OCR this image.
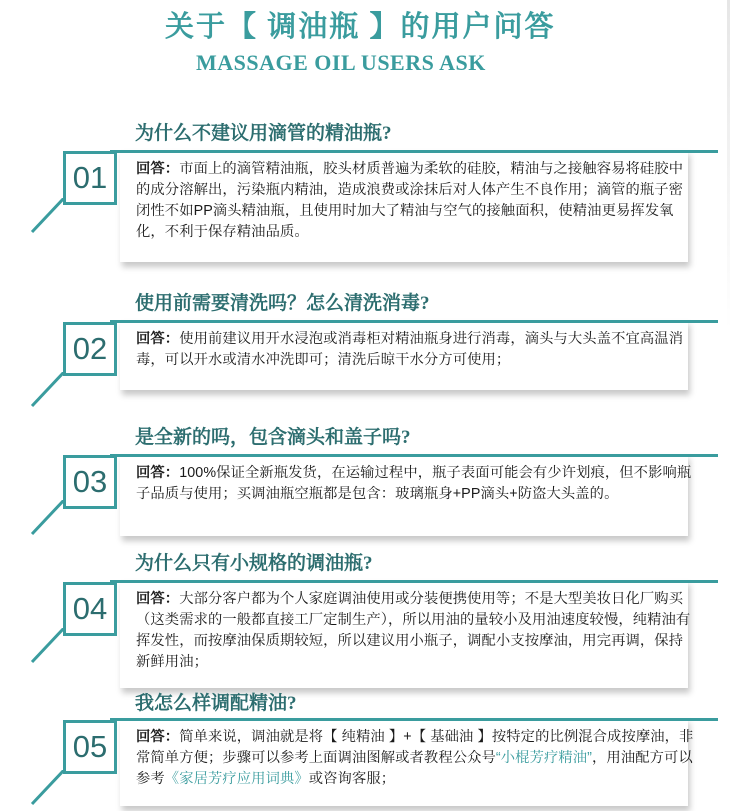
关于【 调油瓶 】的用户问答
MASSAGE OIL USERS ASK
为什么不建议用滴管的精油瓶?
回答：市面上的滴管精油瓶，胶头材质普遍为柔软的硅胶，精油与之接触容易将硅胶中的成分溶解出，污染瓶内精油，造成浪费或涂抹后对人体产生不良作用；滴管的瓶子密闭性不如PP滴头精油瓶，且使用时加大了精油与空气的接触面积，使精油更易挥发氧化，不利于保存精油品质。
01
使用前需要清洗吗？怎么清洗消毒?
回答：使用前建议用开水浸泡或消毒柜对精油瓶身进行消毒，滴头与大头盖不宜高温消毒，可以开水或清水冲洗即可；清洗后晾干水分方可使用；
02
是全新的吗，包含滴头和盖子吗?
回答：100%保证全新瓶发货，在运输过程中，瓶子表面可能会有少许划痕，但不影响瓶子品质与使用；买调油瓶空瓶都是包含：玻璃瓶身+PP滴头+防盗大头盖的。
03
为什么只有小规格的调油瓶?
回答：大部分客户都为个人家庭调油使用或分装便携使用等；不是大型美妆日化厂购买（这类需求的一般都直接工厂定制生产），所以用油的量较小及用油速度较慢，纯精油有挥发性，而按摩油保质期较短，所以建议用小瓶子，调配小支按摩油，用完再调，保持新鲜用油；
04
我怎么样调配精油?
回答：简单来说，调油就是将【 纯精油 】+【 基础油 】按特定的比例混合成按摩油，非常简单方便；步骤可以参考上面调油图解或者教程公众号“小棍芳疗精油”，用油配方可以参考《家居芳疗应用词典》或咨询客服；
05
